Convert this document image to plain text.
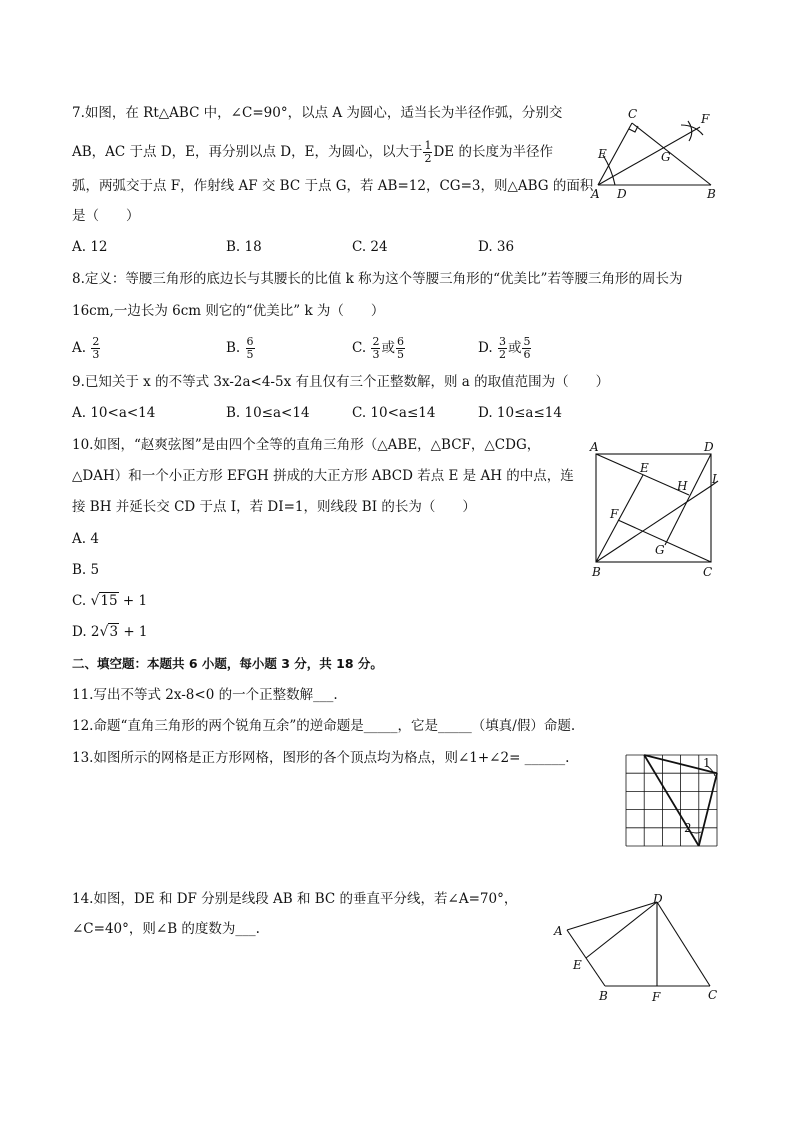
7.如图，在 Rt△ABC 中，∠C=90°，以点 A 为圆心，适当长为半径作弧，分别交
AB，AC 于点 D，E，再分别以点 D，E，为圆心，以大于 $\frac{1}{2}$ DE 的长度为半径作
弧，两弧交于点 F，作射线 AF 交 BC 于点 G，若 AB=12，CG=3，则△ABG 的面积
是（　　）
A. 12	B. 18	C. 24	D. 36
C	F
E	G
A D	B
8.定义：等腰三角形的底边长与其腰长的比值 k 称为这个等腰三角形的“优美比”若等腰三角形的周长为
16cm,一边长为 6cm 则它的“优美比” k 为（　　）
A. $\frac{2}{3}$	B. $\frac{6}{5}$	C. $\frac{2}{3}$ 或 $\frac{6}{5}$	D. $\frac{3}{2}$ 或 $\frac{5}{6}$
9.已知关于 x 的不等式 3x-2a<4-5x 有且仅有三个正整数解，则 a 的取值范围为（　　）
A. 10<a<14	B. 10≤a<14	C. 10<a≤14	D. 10≤a≤14
10.如图，“赵爽弦图”是由四个全等的直角三角形（△ABE，△BCF，△CDG，
△DAH）和一个小正方形 EFGH 拼成的大正方形 ABCD 若点 E 是 AH 的中点，连
接 BH 并延长交 CD 于点 I，若 DI=1，则线段 BI 的长为（　　）
A. 4
B. 5
C. √15 + 1
D. 2√3 + 1
A	D
E
H I
F
G
B	C
二、填空题：本题共 6 小题，每小题 3 分，共 18 分。
11.写出不等式 2x-8<0 的一个正整数解___.
12.命题“直角三角形的两个锐角互余”的逆命题是_____，它是_____（填真/假）命题.
13.如图所示的网格是正方形网格，图形的各个顶点均为格点，则∠1+∠2= ______.	1
2
14.如图，DE 和 DF 分别是线段 AB 和 BC 的垂直平分线，若∠A=70°，
∠C=40°，则∠B 的度数为___.
D
A
E
B	F	C
